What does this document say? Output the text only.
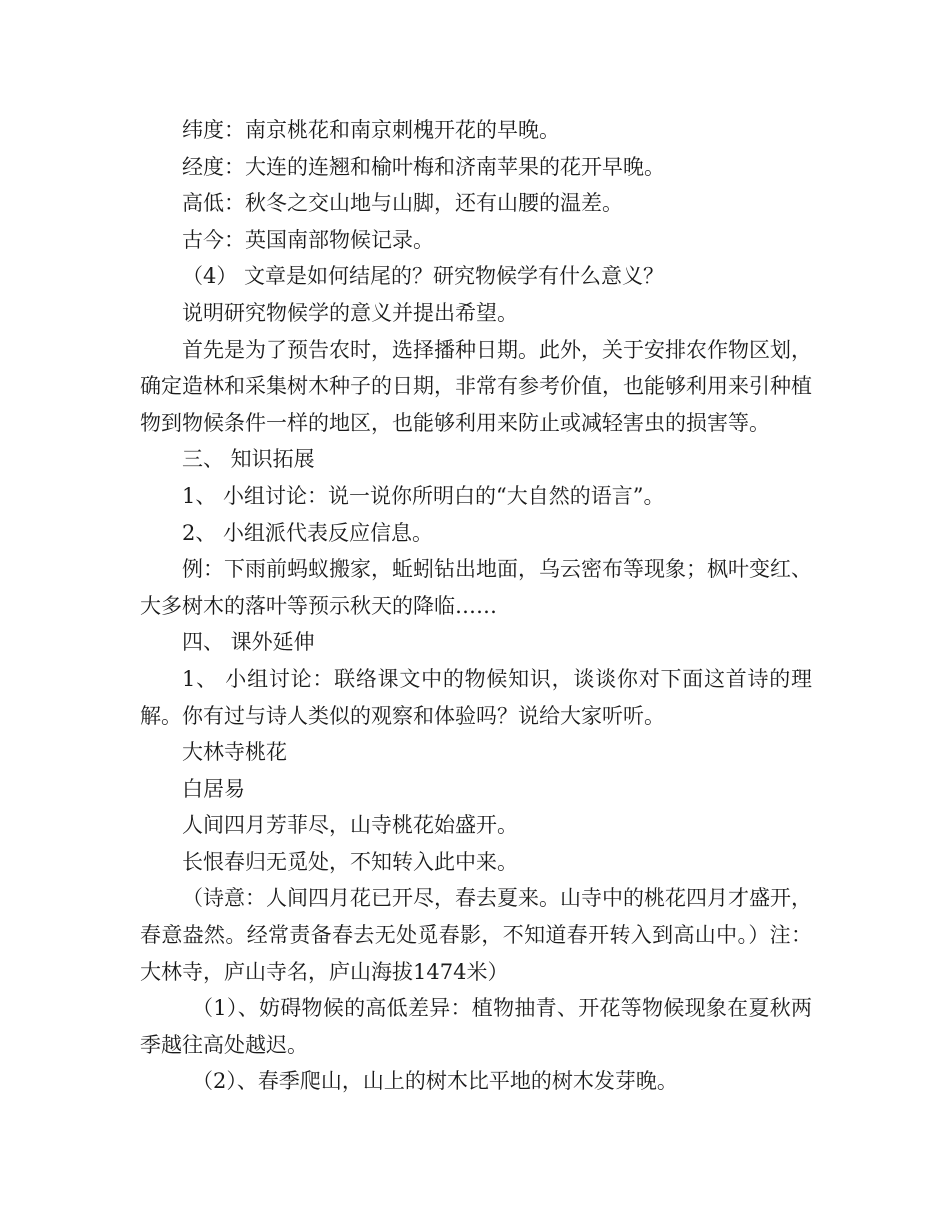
纬度：南京桃花和南京刺槐开花的早晚。

经度：大连的连翘和榆叶梅和济南苹果的花开早晚。

高低：秋冬之交山地与山脚，还有山腰的温差。

古今：英国南部物候记录。

（4） 文章是如何结尾的？研究物候学有什么意义？

说明研究物候学的意义并提出希望。

首先是为了预告农时，选择播种日期。此外，关于安排农作物区划，确定造林和采集树木种子的日期，非常有参考价值，也能够利用来引种植物到物候条件一样的地区，也能够利用来防止或减轻害虫的损害等。

三、 知识拓展

1、 小组讨论：说一说你所明白的“大自然的语言”。

2、 小组派代表反应信息。

例：下雨前蚂蚁搬家，蚯蚓钻出地面，乌云密布等现象；枫叶变红、大多树木的落叶等预示秋天的降临……

四、 课外延伸

1、 小组讨论：联络课文中的物候知识，谈谈你对下面这首诗的理解。你有过与诗人类似的观察和体验吗？说给大家听听。

大林寺桃花

白居易

人间四月芳菲尽，山寺桃花始盛开。

长恨春归无觅处，不知转入此中来。

（诗意：人间四月花已开尽，春去夏来。山寺中的桃花四月才盛开，春意盎然。经常责备春去无处觅春影，不知道春开转入到高山中。）注：大林寺，庐山寺名，庐山海拔1474米）

（1）、妨碍物候的高低差异：植物抽青、开花等物候现象在夏秋两季越往高处越迟。

（2）、春季爬山，山上的树木比平地的树木发芽晚。
